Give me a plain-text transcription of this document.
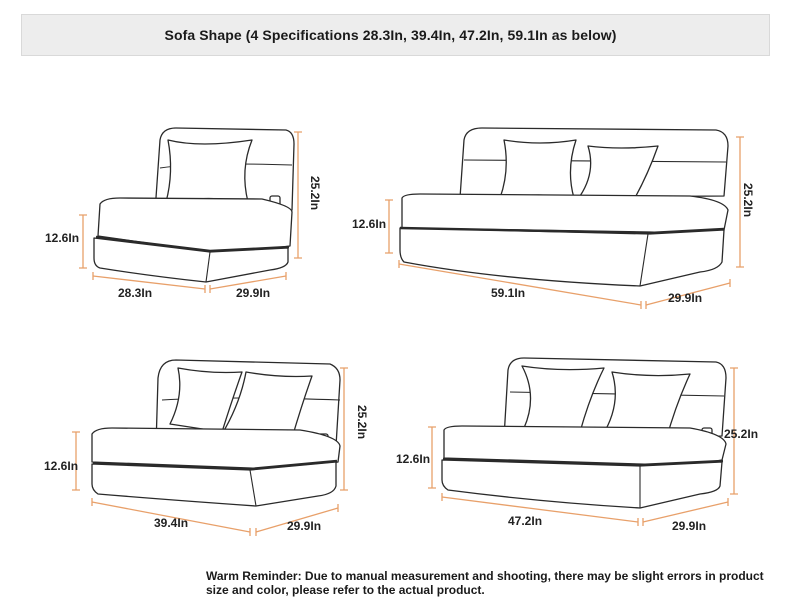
Sofa Shape (4 Specifications 28.3In, 39.4In, 47.2In, 59.1In as below)
12.6In
25.2In
28.3In	29.9In
12.6In
25.2In
59.1In	29.9In
12.6In
25.2In
39.4In	29.9In
12.6In
25.2In
47.2In	29.9In
Warm Reminder: Due to manual measurement and shooting, there may be slight errors in product size and color, please refer to the actual product.
